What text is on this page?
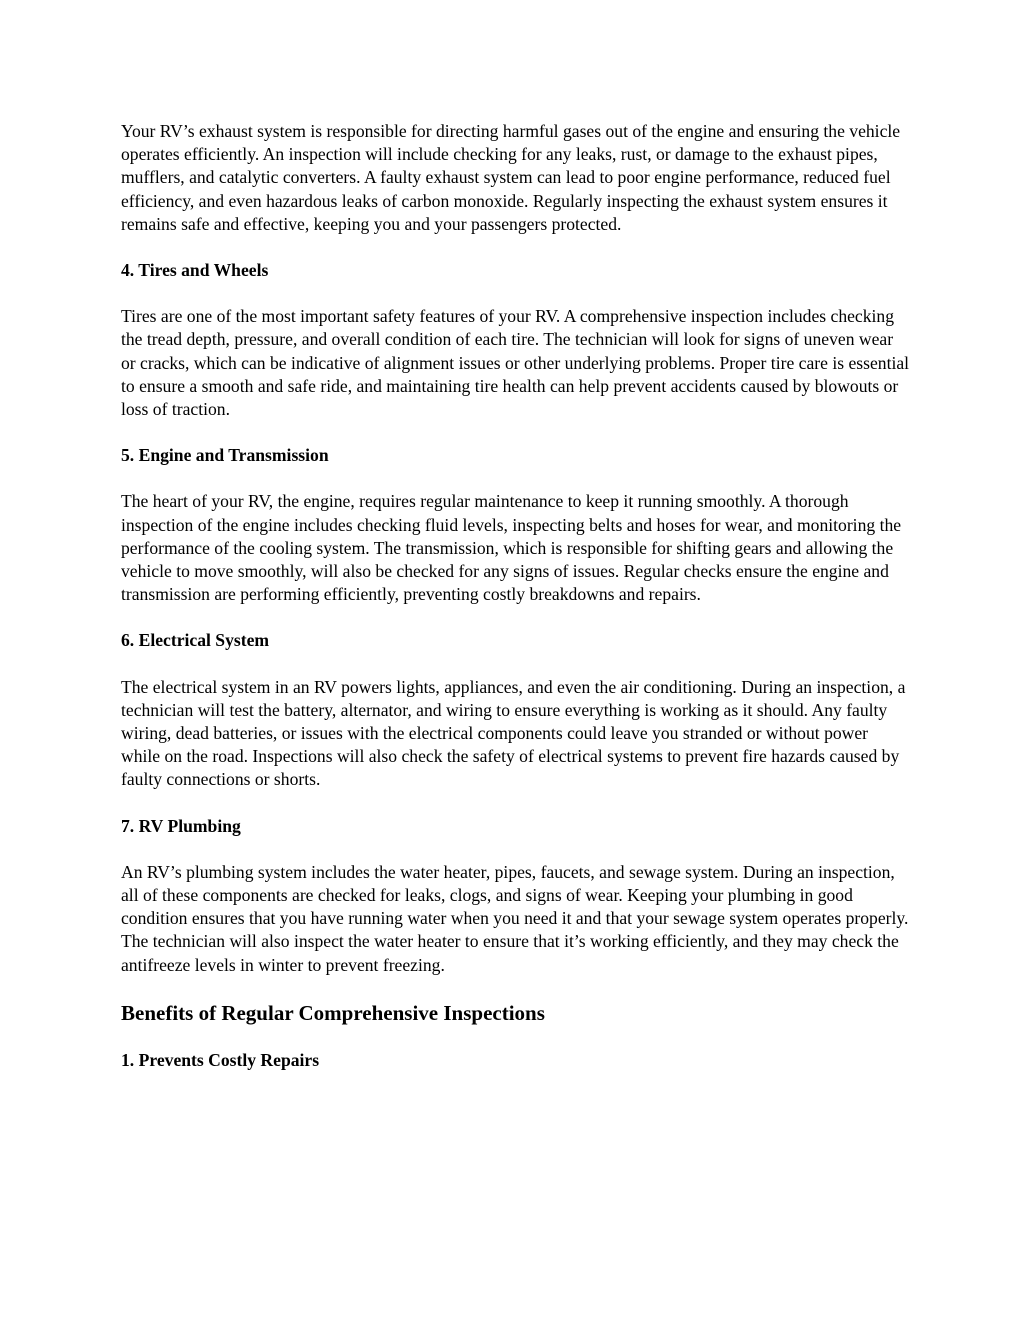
Your RV’s exhaust system is responsible for directing harmful gases out of the engine and ensuring the vehicle operates efficiently. An inspection will include checking for any leaks, rust, or damage to the exhaust pipes, mufflers, and catalytic converters. A faulty exhaust system can lead to poor engine performance, reduced fuel efficiency, and even hazardous leaks of carbon monoxide. Regularly inspecting the exhaust system ensures it remains safe and effective, keeping you and your passengers protected.

4. Tires and Wheels

Tires are one of the most important safety features of your RV. A comprehensive inspection includes checking the tread depth, pressure, and overall condition of each tire. The technician will look for signs of uneven wear or cracks, which can be indicative of alignment issues or other underlying problems. Proper tire care is essential to ensure a smooth and safe ride, and maintaining tire health can help prevent accidents caused by blowouts or loss of traction.

5. Engine and Transmission

The heart of your RV, the engine, requires regular maintenance to keep it running smoothly. A thorough inspection of the engine includes checking fluid levels, inspecting belts and hoses for wear, and monitoring the performance of the cooling system. The transmission, which is responsible for shifting gears and allowing the vehicle to move smoothly, will also be checked for any signs of issues. Regular checks ensure the engine and transmission are performing efficiently, preventing costly breakdowns and repairs.

6. Electrical System

The electrical system in an RV powers lights, appliances, and even the air conditioning. During an inspection, a technician will test the battery, alternator, and wiring to ensure everything is working as it should. Any faulty wiring, dead batteries, or issues with the electrical components could leave you stranded or without power while on the road. Inspections will also check the safety of electrical systems to prevent fire hazards caused by faulty connections or shorts.

7. RV Plumbing

An RV’s plumbing system includes the water heater, pipes, faucets, and sewage system. During an inspection, all of these components are checked for leaks, clogs, and signs of wear. Keeping your plumbing in good condition ensures that you have running water when you need it and that your sewage system operates properly. The technician will also inspect the water heater to ensure that it’s working efficiently, and they may check the antifreeze levels in winter to prevent freezing.

Benefits of Regular Comprehensive Inspections

1. Prevents Costly Repairs
